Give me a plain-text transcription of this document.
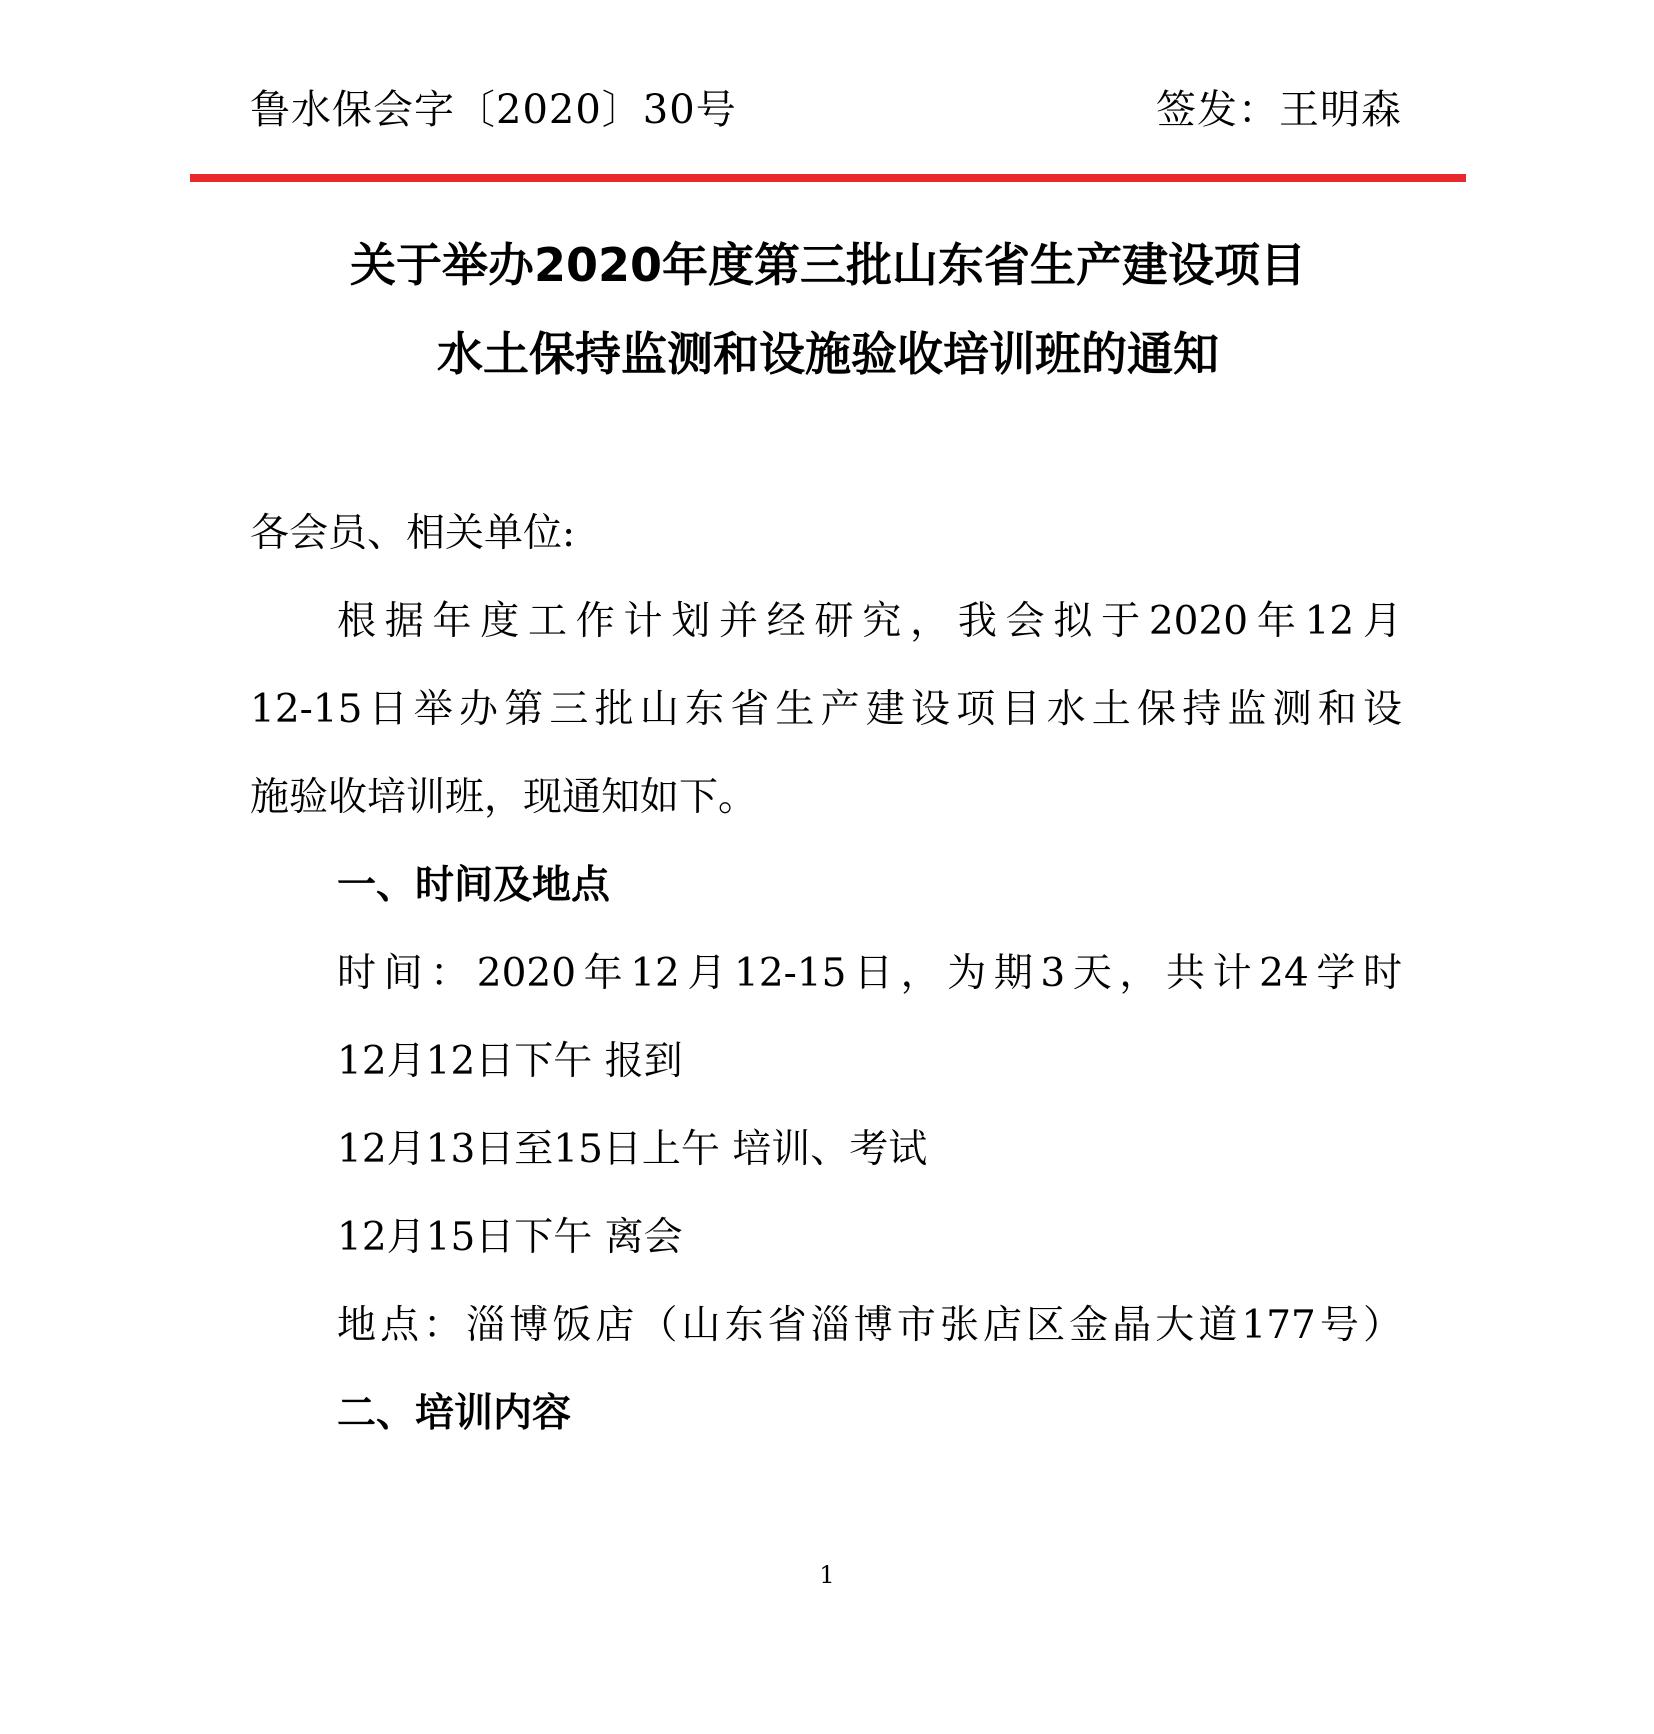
鲁水保会字〔2020〕30号	签发：王明森
关于举办2020年度第三批山东省生产建设项目
水土保持监测和设施验收培训班的通知
各会员、相关单位:
根据年度工作计划并经研究，我会拟于2020年12月
12-15日举办第三批山东省生产建设项目水土保持监测和设
施验收培训班，现通知如下。
一、时间及地点
时间：2020年12月12-15日，为期3天，共计24学时
12月12日下午 报到
12月13日至15日上午 培训、考试
12月15日下午 离会
地点：淄博饭店（山东省淄博市张店区金晶大道177号）
二、培训内容
1
